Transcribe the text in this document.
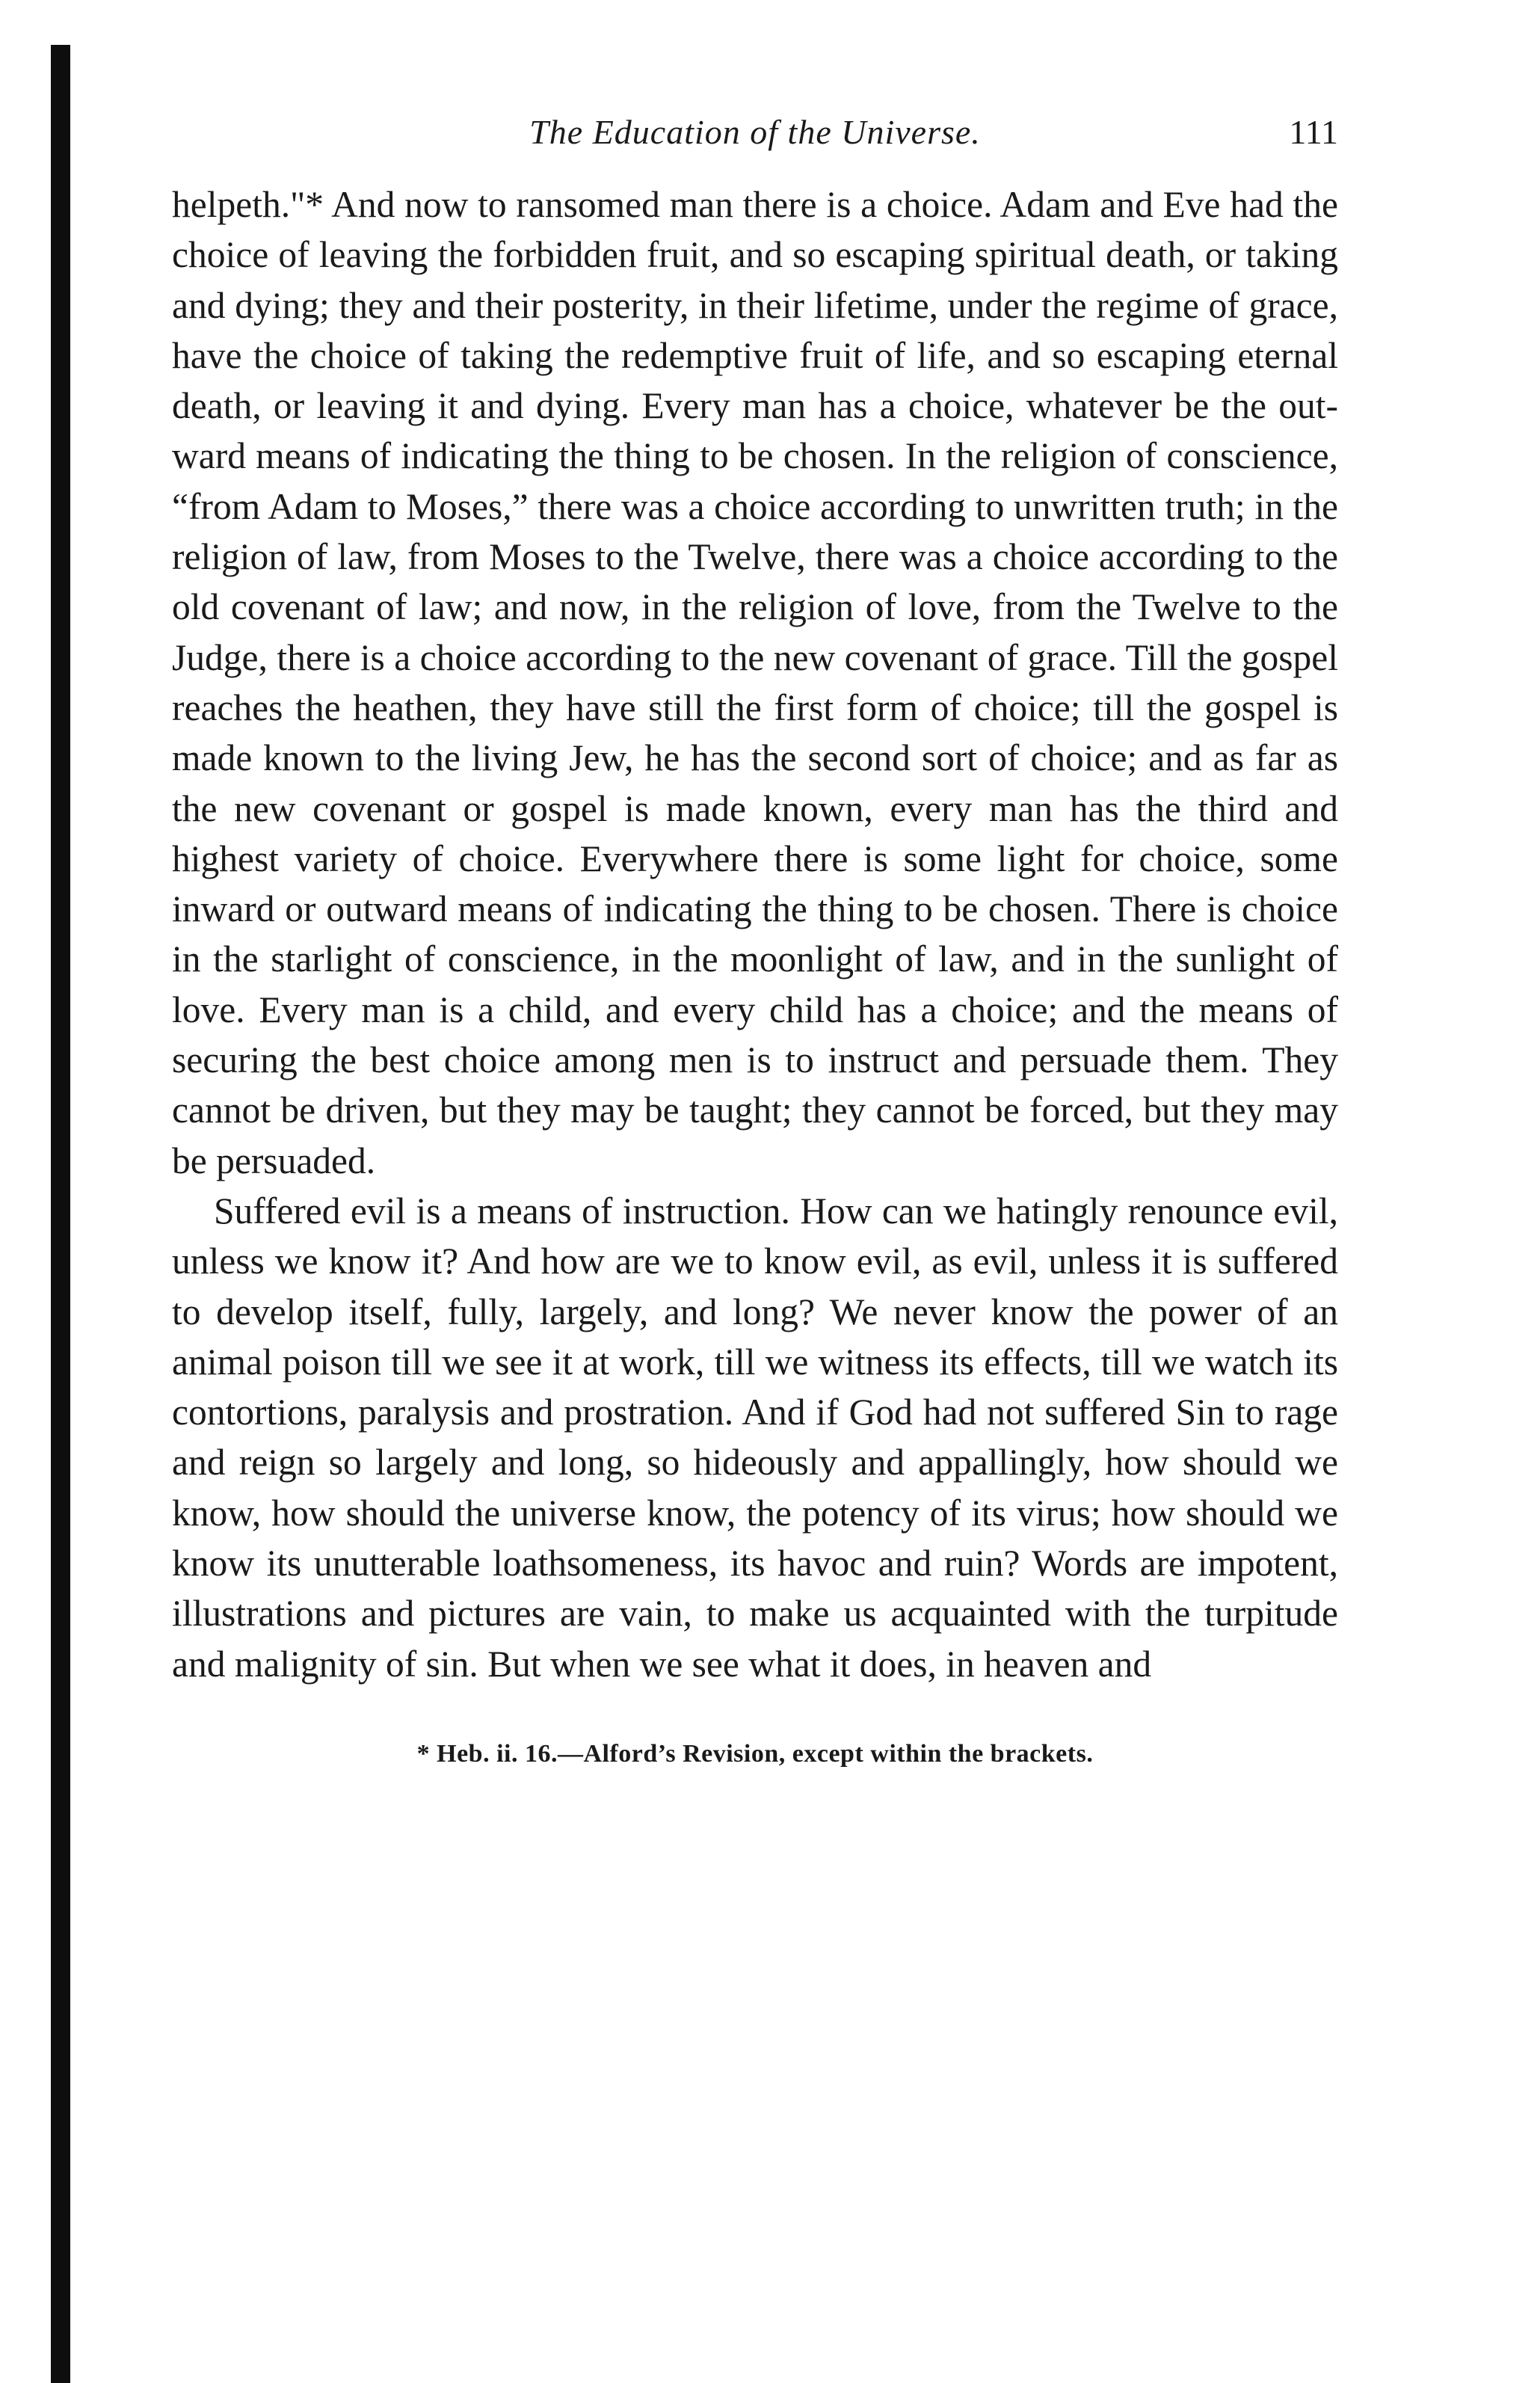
The Education of the Universe.	111

helpeth."* And now to ransomed man there is a choice. Adam and Eve had the choice of leaving the forbidden fruit, and so escaping spiritual death, or taking and dying; they and their posterity, in their lifetime, under the regime of grace, have the choice of taking the redemptive fruit of life, and so escaping eternal death, or leaving it and dying. Every man has a choice, whatever be the outward means of indicating the thing to be chosen. In the religion of conscience, “from Adam to Moses,” there was a choice according to unwritten truth; in the religion of law, from Moses to the Twelve, there was a choice according to the old covenant of law; and now, in the religion of love, from the Twelve to the Judge, there is a choice according to the new covenant of grace. Till the gospel reaches the heathen, they have still the first form of choice; till the gospel is made known to the living Jew, he has the second sort of choice; and as far as the new covenant or gospel is made known, every man has the third and highest variety of choice. Everywhere there is some light for choice, some inward or outward means of indicating the thing to be chosen. There is choice in the starlight of conscience, in the moonlight of law, and in the sunlight of love. Every man is a child, and every child has a choice; and the means of securing the best choice among men is to instruct and persuade them. They cannot be driven, but they may be taught; they cannot be forced, but they may be persuaded.

Suffered evil is a means of instruction. How can we hatingly renounce evil, unless we know it? And how are we to know evil, as evil, unless it is suffered to develop itself, fully, largely, and long? We never know the power of an animal poison till we see it at work, till we witness its effects, till we watch its contortions, paralysis and prostration. And if God had not suffered Sin to rage and reign so largely and long, so hideously and appallingly, how should we know, how should the universe know, the potency of its virus; how should we know its unutterable loathsomeness, its havoc and ruin? Words are impotent, illustrations and pictures are vain, to make us acquainted with the turpitude and malignity of sin. But when we see what it does, in heaven and

* Heb. ii. 16.—Alford’s Revision, except within the brackets.
